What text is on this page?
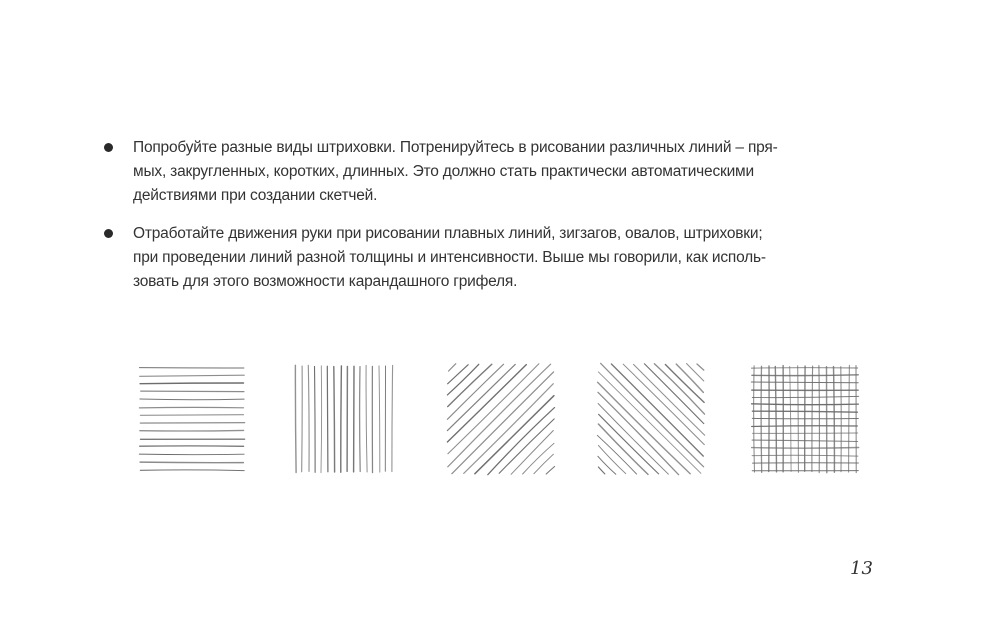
Попробуйте разные виды штриховки. Потренируйтесь в рисовании различных линий – пря-
мых, закругленных, коротких, длинных. Это должно стать практически автоматическими
действиями при создании скетчей.
Отработайте движения руки при рисовании плавных линий, зигзагов, овалов, штриховки;
при проведении линий разной толщины и интенсивности. Выше мы говорили, как исполь-
зовать для этого возможности карандашного грифеля.
13
